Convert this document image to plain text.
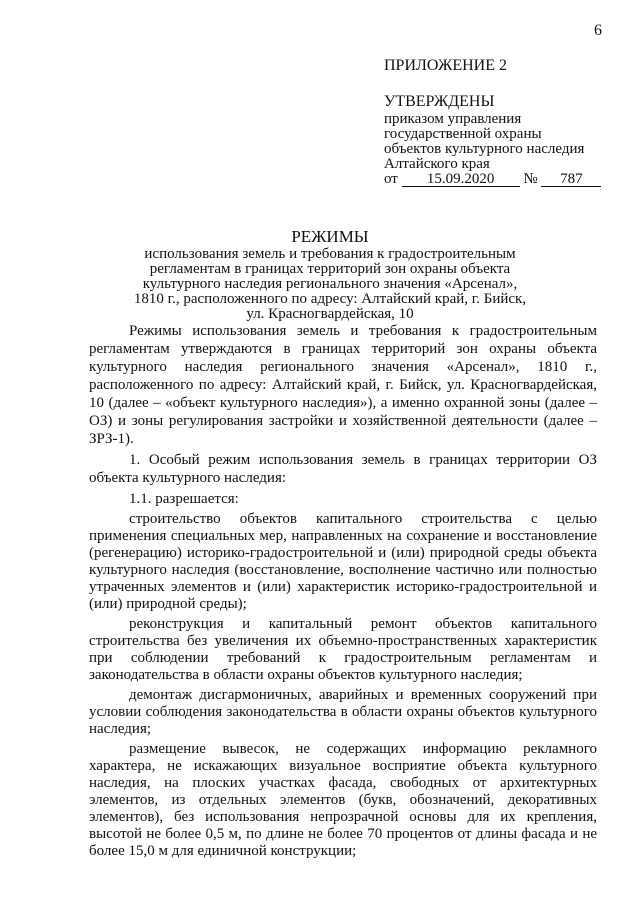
6
ПРИЛОЖЕНИЕ 2
УТВЕРЖДЕНЫ
приказом управления
государственной охраны
объектов культурного наследия
Алтайского края
от 15.09.2020 № 787
РЕЖИМЫ
использования земель и требования к градостроительным
регламентам в границах территорий зон охраны объекта
культурного наследия регионального значения «Арсенал»,
1810 г., расположенного по адресу: Алтайский край, г. Бийск,
ул. Красногвардейская, 10

Режимы использования земель и требования к градостроительным регламентам утверждаются в границах территорий зон охраны объекта культурного наследия регионального значения «Арсенал», 1810 г., расположенного по адресу: Алтайский край, г. Бийск, ул. Красногвардейская, 10 (далее – «объект культурного наследия»), а именно охранной зоны (далее – ОЗ) и зоны регулирования застройки и хозяйственной деятельности (далее – ЗРЗ-1).

1. Особый режим использования земель в границах территории ОЗ объекта культурного наследия:

1.1. разрешается:

строительство объектов капитального строительства с целью применения специальных мер, направленных на сохранение и восстановление (регенерацию) историко-градостроительной и (или) природной среды объекта культурного наследия (восстановление, восполнение частично или полностью утраченных элементов и (или) характеристик историко-градостроительной и (или) природной среды);

реконструкция и капитальный ремонт объектов капитального строительства без увеличения их объемно-пространственных характеристик при соблюдении требований к градостроительным регламентам и законодательства в области охраны объектов культурного наследия;

демонтаж дисгармоничных, аварийных и временных сооружений при условии соблюдения законодательства в области охраны объектов культурного наследия;

размещение вывесок, не содержащих информацию рекламного характера, не искажающих визуальное восприятие объекта культурного наследия, на плоских участках фасада, свободных от архитектурных элементов, из отдельных элементов (букв, обозначений, декоративных элементов), без использования непрозрачной основы для их крепления, высотой не более 0,5 м, по длине не более 70 процентов от длины фасада и не более 15,0 м для единичной конструкции;
